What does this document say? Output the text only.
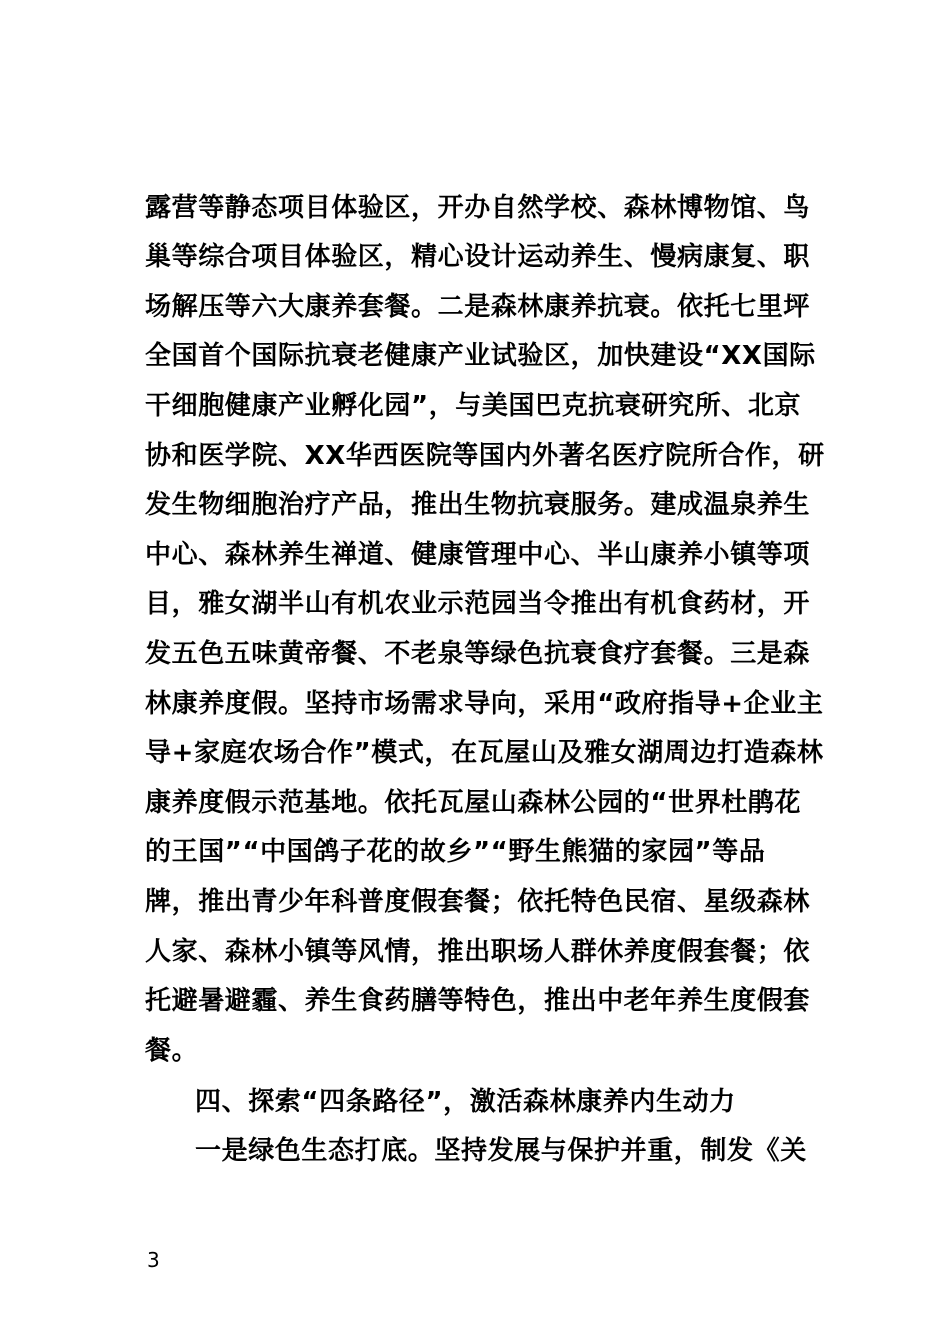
露营等静态项目体验区，开办自然学校、森林博物馆、鸟
巢等综合项目体验区，精心设计运动养生、慢病康复、职
场解压等六大康养套餐。二是森林康养抗衰。依托七里坪
全国首个国际抗衰老健康产业试验区，加快建设“XX国际
干细胞健康产业孵化园”，与美国巴克抗衰研究所、北京
协和医学院、XX华西医院等国内外著名医疗院所合作，研
发生物细胞治疗产品，推出生物抗衰服务。建成温泉养生
中心、森林养生禅道、健康管理中心、半山康养小镇等项
目，雅女湖半山有机农业示范园当令推出有机食药材，开
发五色五味黄帝餐、不老泉等绿色抗衰食疗套餐。三是森
林康养度假。坚持市场需求导向，采用“政府指导+企业主
导+家庭农场合作”模式，在瓦屋山及雅女湖周边打造森林
康养度假示范基地。依托瓦屋山森林公园的“世界杜鹃花
的王国”“中国鸽子花的故乡”“野生熊猫的家园”等品
牌，推出青少年科普度假套餐；依托特色民宿、星级森林
人家、森林小镇等风情，推出职场人群休养度假套餐；依
托避暑避霾、养生食药膳等特色，推出中老年养生度假套
餐。
四、探索“四条路径”，激活森林康养内生动力
一是绿色生态打底。坚持发展与保护并重，制发《关
3
